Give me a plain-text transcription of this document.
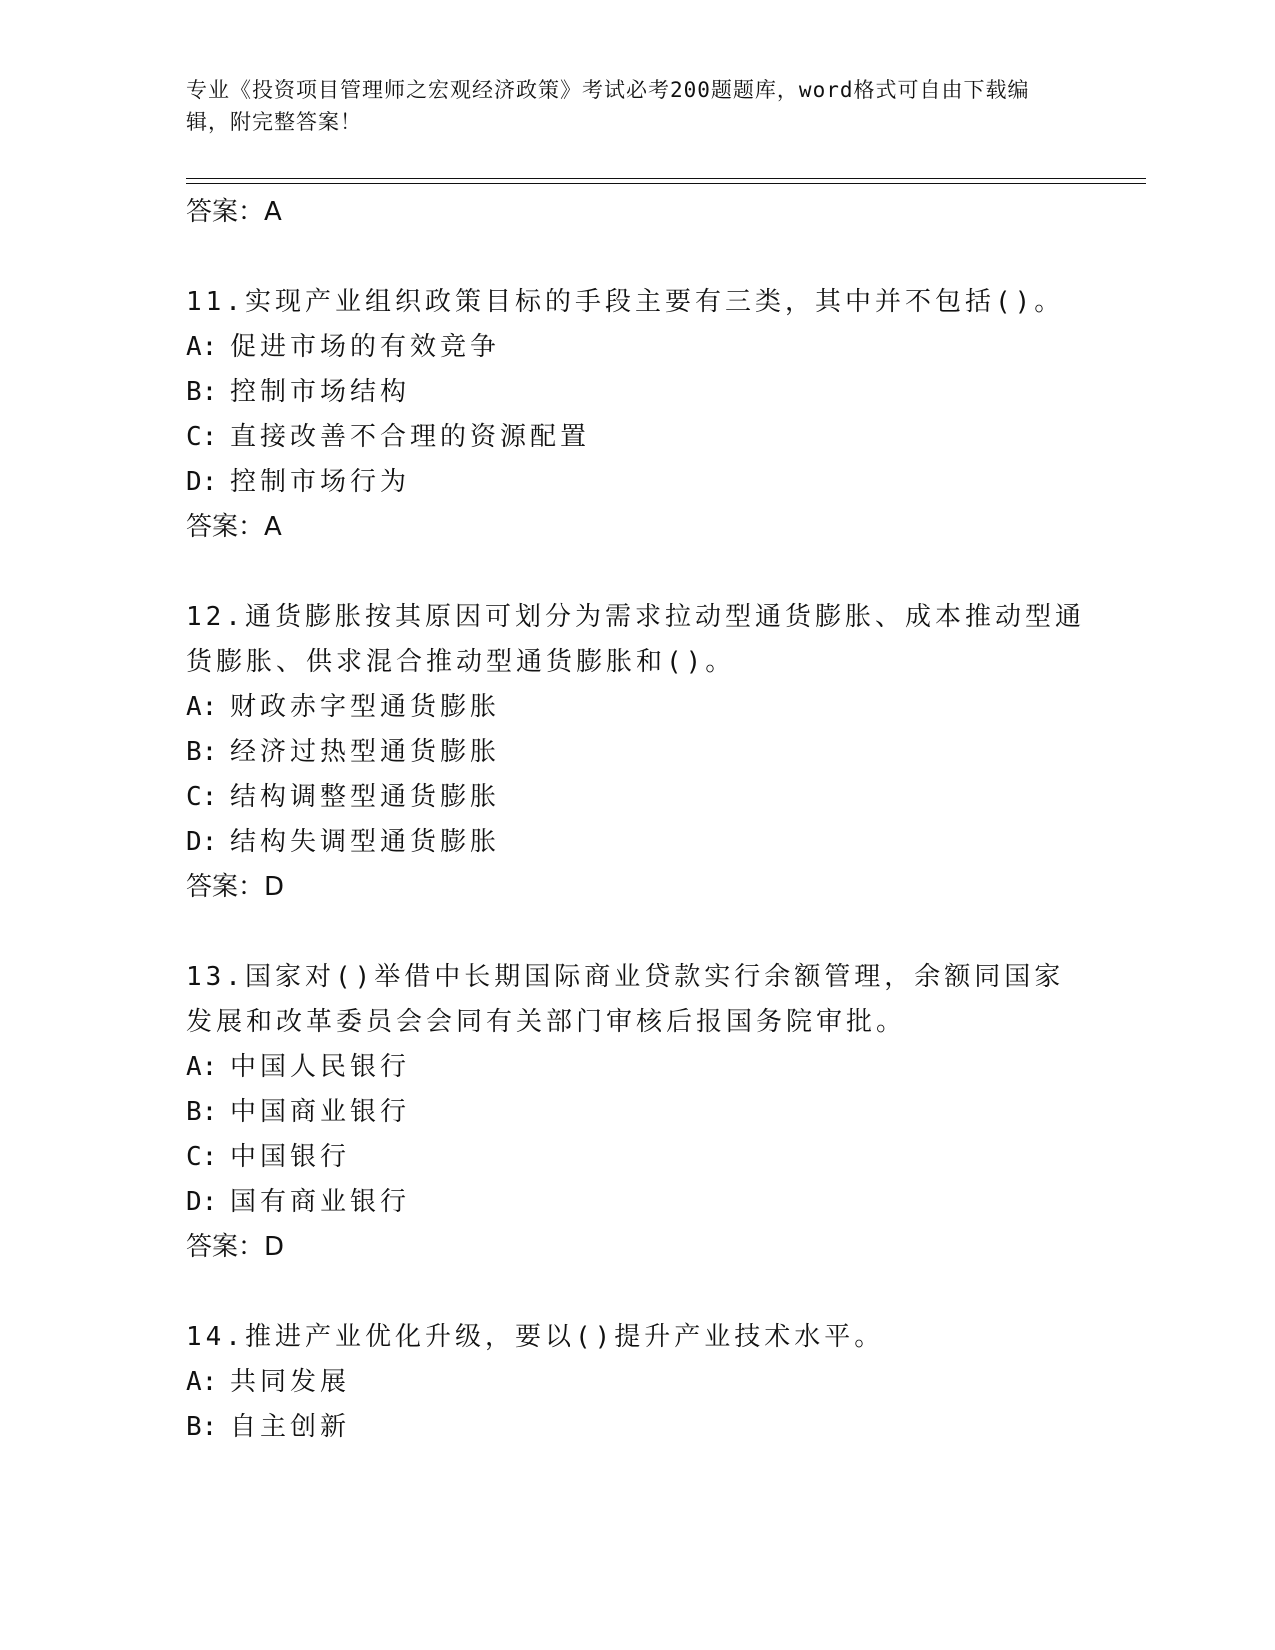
专业《投资项目管理师之宏观经济政策》考试必考200题题库，word格式可自由下载编辑，附完整答案！
答案：A
11.实现产业组织政策目标的手段主要有三类，其中并不包括()。
A: 促进市场的有效竞争
B: 控制市场结构
C: 直接改善不合理的资源配置
D: 控制市场行为
答案：A
12.通货膨胀按其原因可划分为需求拉动型通货膨胀、成本推动型通货膨胀、供求混合推动型通货膨胀和()。
A: 财政赤字型通货膨胀
B: 经济过热型通货膨胀
C: 结构调整型通货膨胀
D: 结构失调型通货膨胀
答案：D
13.国家对()举借中长期国际商业贷款实行余额管理，余额同国家发展和改革委员会会同有关部门审核后报国务院审批。
A: 中国人民银行
B: 中国商业银行
C: 中国银行
D: 国有商业银行
答案：D
14.推进产业优化升级，要以()提升产业技术水平。
A: 共同发展
B: 自主创新
